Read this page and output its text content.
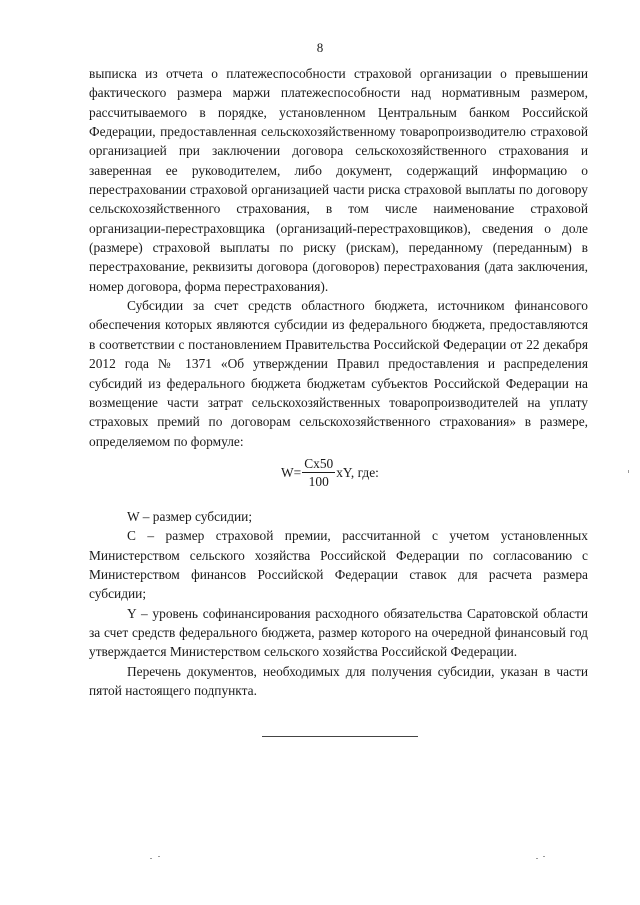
8

выписка из отчета о платежеспособности страховой организации о превышении фактического размера маржи платежеспособности над нормативным размером, рассчитываемого в порядке, установленном Центральным банком Российской Федерации, предоставленная сельскохозяйственному товаропроизводителю страховой организацией при заключении договора сельскохозяйственного страхования и заверенная ее руководителем, либо документ, содержащий информацию о перестраховании страховой организацией части риска страховой выплаты по договору сельскохозяйственного страхования, в том числе наименование страховой организации-перестраховщика (организаций-перестраховщиков), сведения о доле (размере) страховой выплаты по риску (рискам), переданному (переданным) в перестрахование, реквизиты договора (договоров) перестрахования (дата заключения, номер договора, форма перестрахования).

Субсидии за счет средств областного бюджета, источником финансового обеспечения которых являются субсидии из федерального бюджета, предоставляются в соответствии с постановлением Правительства Российской Федерации от 22 декабря 2012 года № 1371 «Об утверждении Правил предоставления и распределения субсидий из федерального бюджета бюджетам субъектов Российской Федерации на возмещение части затрат сельскохозяйственных товаропроизводителей на уплату страховых премий по договорам сельскохозяйственного страхования» в размере, определяемом по формуле:

$W= \frac{Cx50}{100}$ xY, где:

W – размер субсидии;

С – размер страховой премии, рассчитанной с учетом установленных Министерством сельского хозяйства Российской Федерации по согласованию с Министерством финансов Российской Федерации ставок для расчета размера субсидии;

Y – уровень софинансирования расходного обязательства Саратовской области за счет средств федерального бюджета, размер которого на очередной финансовый год утверждается Министерством сельского хозяйства Российской Федерации.

Перечень документов, необходимых для получения субсидии, указан в части пятой настоящего подпункта.
